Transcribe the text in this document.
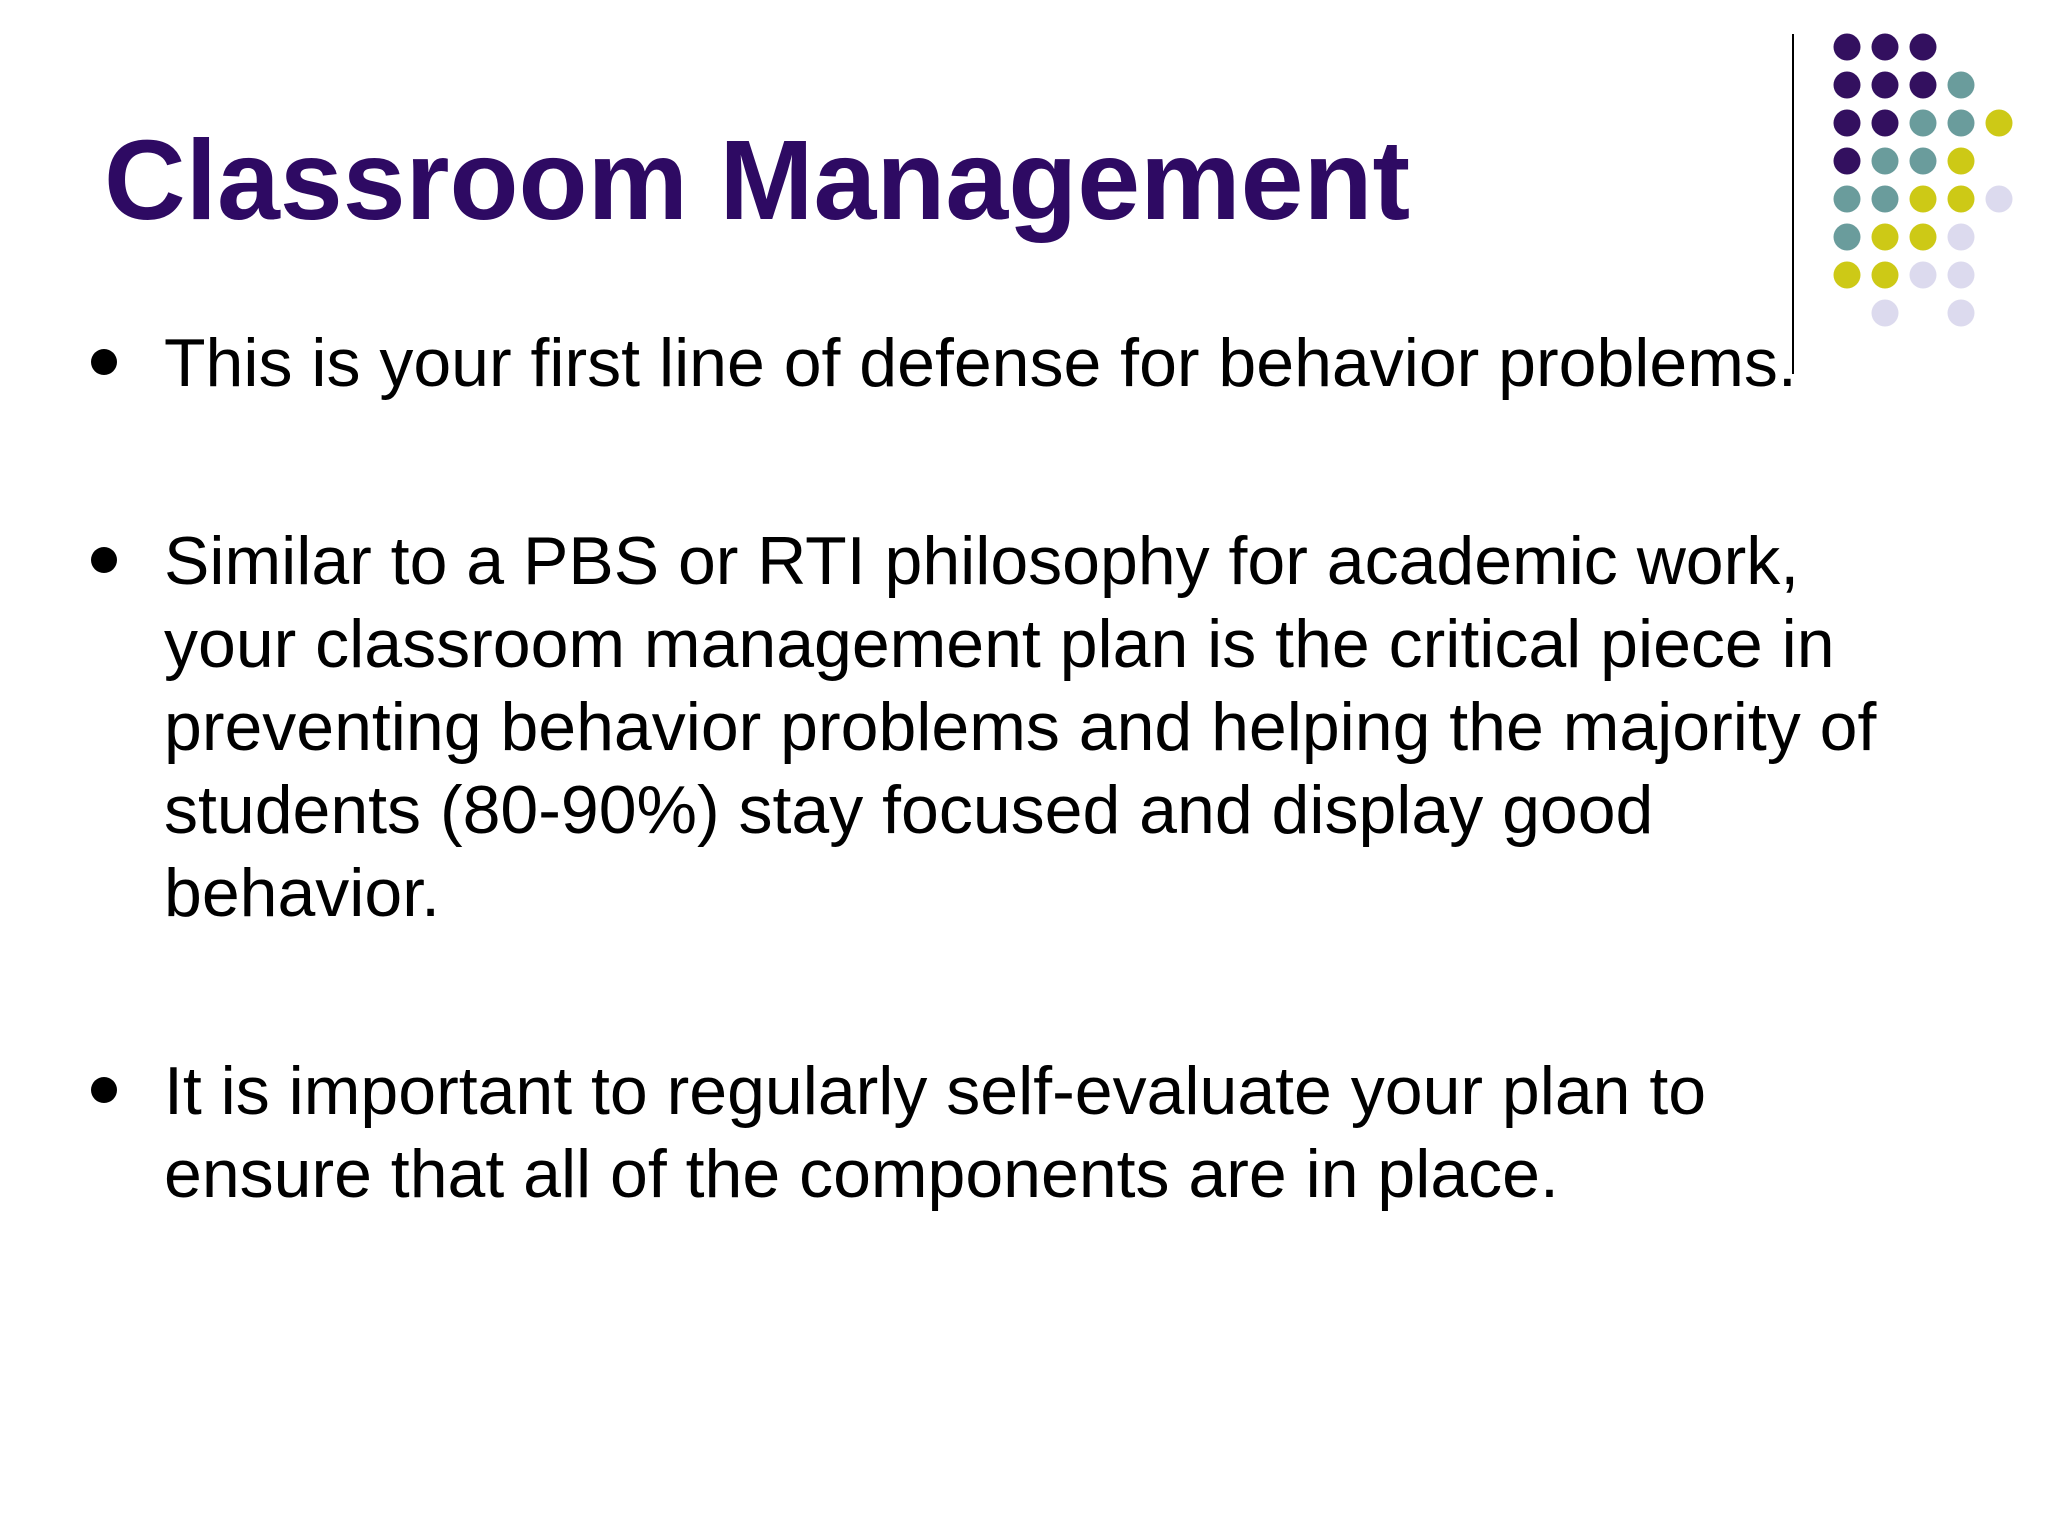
Classroom Management

This is your first line of defense for behavior problems.

Similar to a PBS or RTI philosophy for academic work, your classroom management plan is the critical piece in preventing behavior problems and helping the majority of students (80-90%) stay focused and display good behavior.

It is important to regularly self-evaluate your plan to ensure that all of the components are in place.
